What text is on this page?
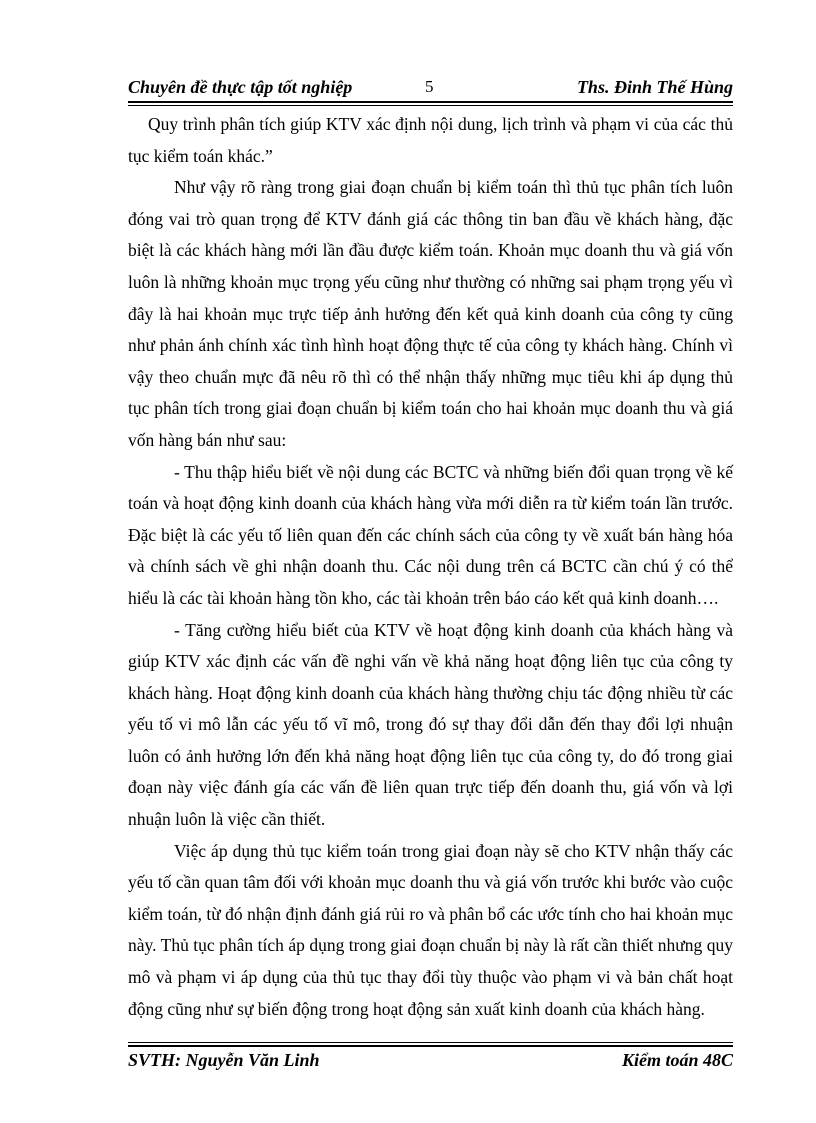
Chuyên đề thực tập tốt nghiệp	5	Ths. Đinh Thế Hùng

Quy trình phân tích giúp KTV xác định nội dung, lịch trình và phạm vi của các thủ tục kiểm toán khác.”

Như vậy rõ ràng trong giai đoạn chuẩn bị kiểm toán thì thủ tục phân tích luôn đóng vai trò quan trọng để KTV đánh giá các thông tin ban đầu về khách hàng, đặc biệt là các khách hàng mới lần đầu được kiểm toán. Khoản mục doanh thu và giá vốn luôn là những khoản mục trọng yếu cũng như thường có những sai phạm trọng yếu vì đây là hai khoản mục trực tiếp ảnh hưởng đến kết quả kinh doanh của công ty cũng như phản ánh chính xác tình hình hoạt động thực tế của công ty khách hàng. Chính vì vậy theo chuẩn mực đã nêu rõ thì có thể nhận thấy những mục tiêu khi áp dụng thủ tục phân tích trong giai đoạn chuẩn bị kiểm toán cho hai khoản mục doanh thu và giá vốn hàng bán như sau:

- Thu thập hiểu biết về nội dung các BCTC và những biến đổi quan trọng về kế toán và hoạt động kinh doanh của khách hàng vừa mới diễn ra từ kiểm toán lần trước. Đặc biệt là các yếu tố liên quan đến các chính sách của công ty về xuất bán hàng hóa và chính sách về ghi nhận doanh thu. Các nội dung trên cá BCTC cần chú ý có thể hiểu là các tài khoản hàng tồn kho, các tài khoản trên báo cáo kết quả kinh doanh….

- Tăng cường hiểu biết của KTV về hoạt động kinh doanh của khách hàng và giúp KTV xác định các vấn đề nghi vấn về khả năng hoạt động liên tục của công ty khách hàng. Hoạt động kinh doanh của khách hàng thường chịu tác động nhiều từ các yếu tố vi mô lẫn các yếu tố vĩ mô, trong đó sự thay đổi dẫn đến thay đổi lợi nhuận luôn có ảnh hưởng lớn đến khả năng hoạt động liên tục của công ty, do đó trong giai đoạn này việc đánh gía các vấn đề liên quan trực tiếp đến doanh thu, giá vốn và lợi nhuận luôn là việc cần thiết.

Việc áp dụng thủ tục kiểm toán trong giai đoạn này sẽ cho KTV nhận thấy các yếu tố cần quan tâm đối với khoản mục doanh thu và giá vốn trước khi bước vào cuộc kiểm toán, từ đó nhận định đánh giá rủi ro và phân bổ các ước tính cho hai khoản mục này. Thủ tục phân tích áp dụng trong giai đoạn chuẩn bị này là rất cần thiết nhưng quy mô và phạm vi áp dụng của thủ tục thay đổi tùy thuộc vào phạm vi và bản chất hoạt động cũng như sự biến động trong hoạt động sản xuất kinh doanh của khách hàng.

SVTH: Nguyễn Văn Linh	Kiểm toán 48C
